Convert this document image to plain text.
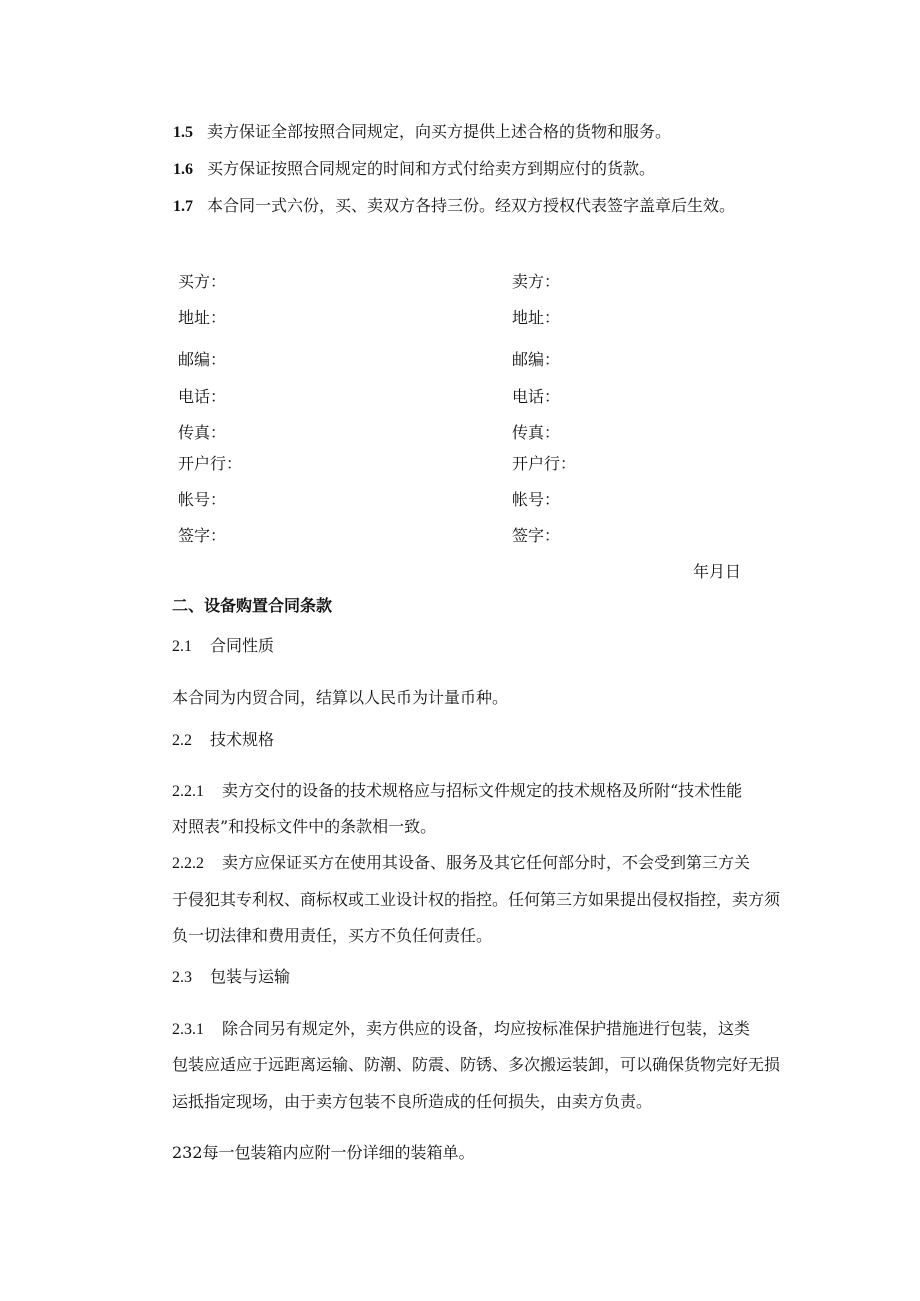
1.5 卖方保证全部按照合同规定，向买方提供上述合格的货物和服务。
1.6 买方保证按照合同规定的时间和方式付给卖方到期应付的货款。
1.7 本合同一式六份，买、卖双方各持三份。经双方授权代表签字盖章后生效。
买方：
地址：
邮编：
电话：
传真：
开户行：
帐号：
签字：
卖方：
地址：
邮编：
电话：
传真：
开户行：
帐号：
签字：
年月日
二、设备购置合同条款
2.1 合同性质
本合同为内贸合同，结算以人民币为计量币种。
2.2 技术规格
2.2.1 卖方交付的设备的技术规格应与招标文件规定的技术规格及所附“技术性能
对照表”和投标文件中的条款相一致。
2.2.2 卖方应保证买方在使用其设备、服务及其它任何部分时，不会受到第三方关
于侵犯其专利权、商标权或工业设计权的指控。任何第三方如果提出侵权指控，卖方须
负一切法律和费用责任，买方不负任何责任。
2.3 包装与运输
2.3.1 除合同另有规定外，卖方供应的设备，均应按标准保护措施进行包装，这类
包装应适应于远距离运输、防潮、防震、防锈、多次搬运装卸，可以确保货物完好无损
运抵指定现场，由于卖方包装不良所造成的任何损失，由卖方负责。
232每一包装箱内应附一份详细的装箱单。
